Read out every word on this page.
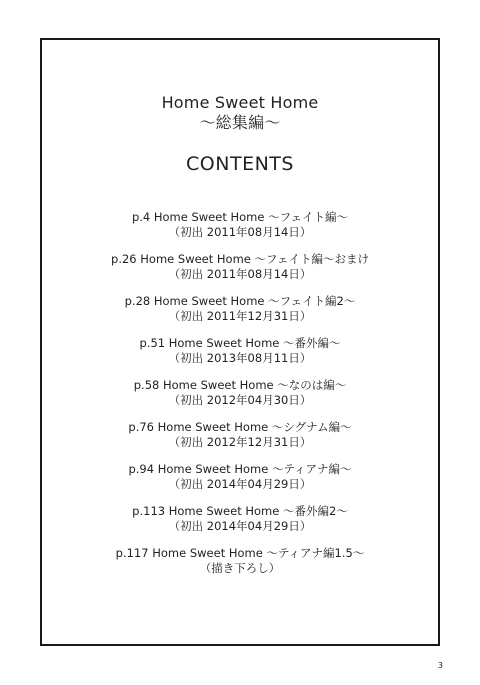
Home Sweet Home
〜総集編〜
CONTENTS
p.4 Home Sweet Home 〜フェイト編〜
（初出 2011年08月14日）
p.26 Home Sweet Home 〜フェイト編〜おまけ
（初出 2011年08月14日）
p.28 Home Sweet Home 〜フェイト編2〜
（初出 2011年12月31日）
p.51 Home Sweet Home 〜番外編〜
（初出 2013年08月11日）
p.58 Home Sweet Home 〜なのは編〜
（初出 2012年04月30日）
p.76 Home Sweet Home 〜シグナム編〜
（初出 2012年12月31日）
p.94 Home Sweet Home 〜ティアナ編〜
（初出 2014年04月29日）
p.113 Home Sweet Home 〜番外編2〜
（初出 2014年04月29日）
p.117 Home Sweet Home 〜ティアナ編1.5〜
（描き下ろし）
3
